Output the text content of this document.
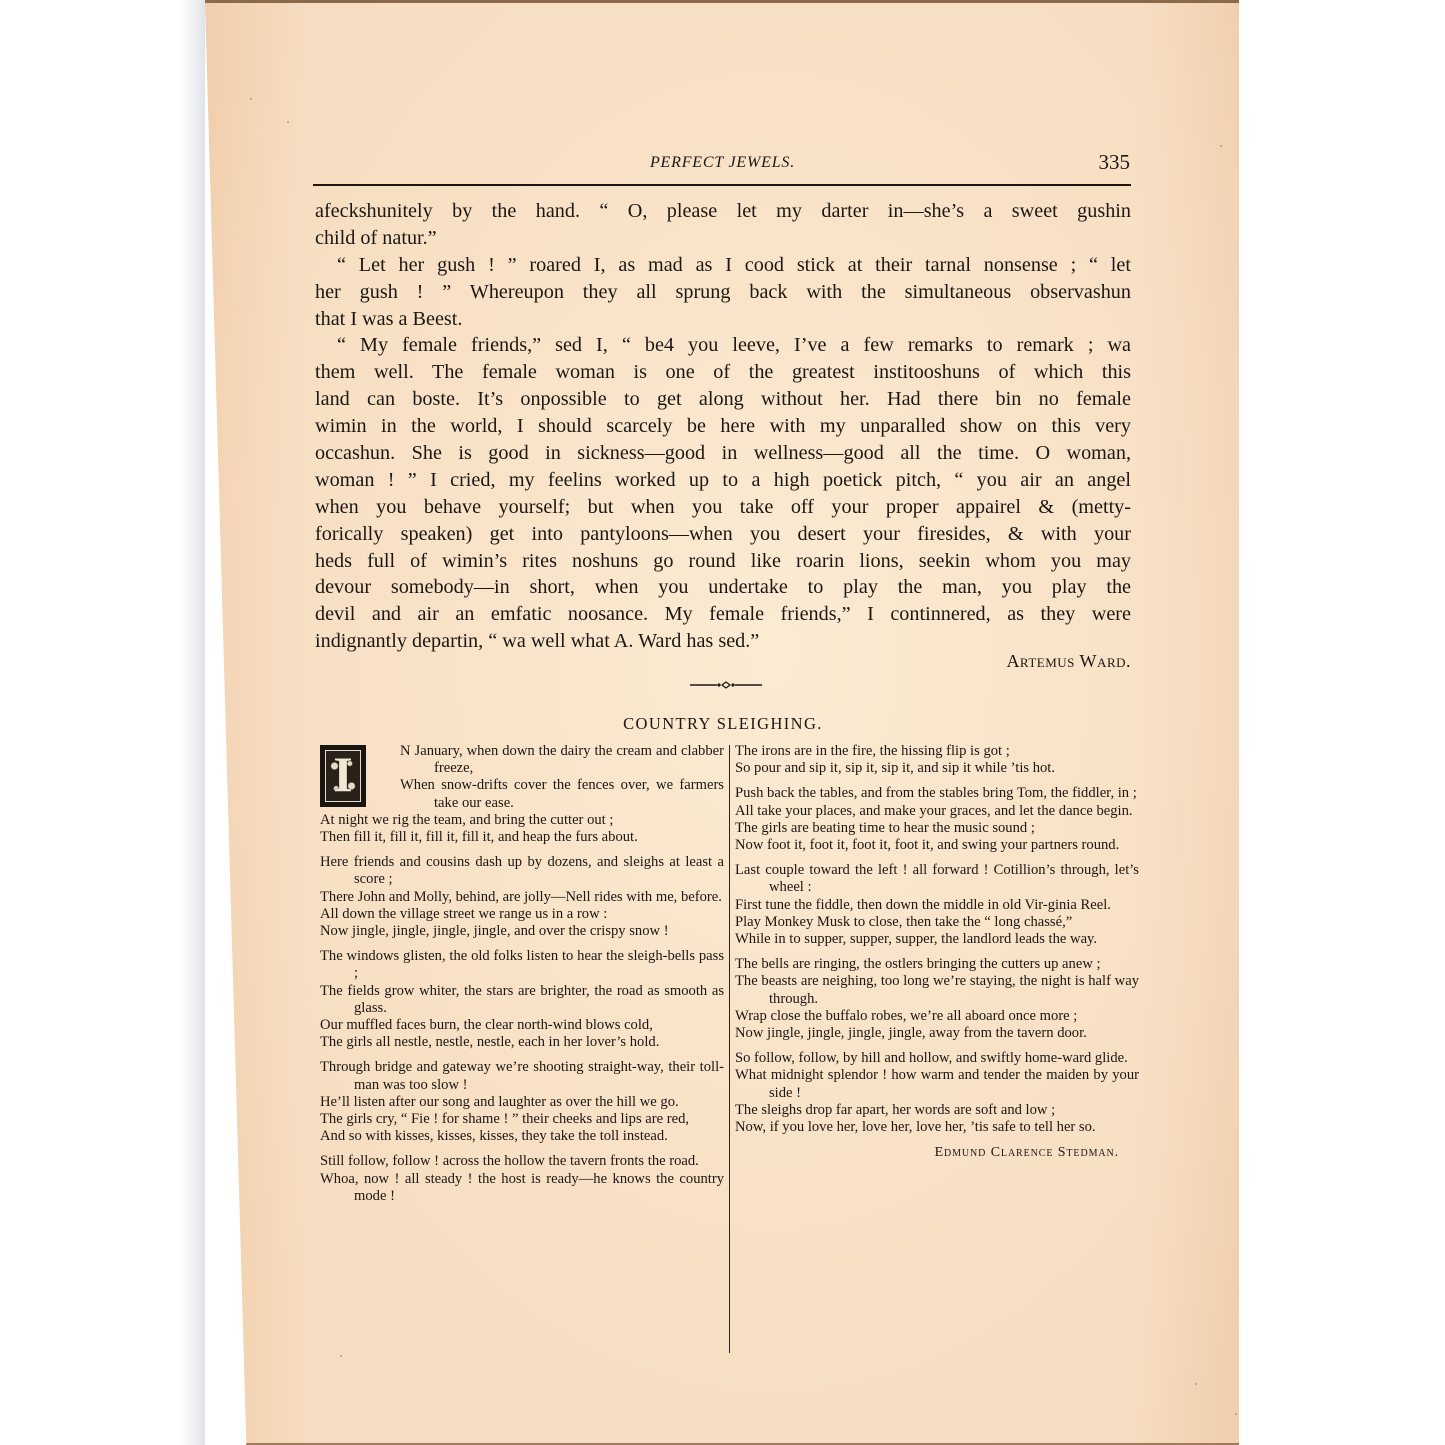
PERFECT JEWELS.	335
afeckshunitely by the hand. “ O, please let my darter in—she’s a sweet gushin
child of natur.”
“ Let her gush ! ” roared I, as mad as I cood stick at their tarnal nonsense ; “ let
her gush ! ” Whereupon they all sprung back with the simultaneous observashun
that I was a Beest.
“ My female friends,” sed I, “ be4 you leeve, I’ve a few remarks to remark ; wa
them well. The female woman is one of the greatest institooshuns of which this
land can boste. It’s onpossible to get along without her. Had there bin no female
wimin in the world, I should scarcely be here with my unparalled show on this very
occashun. She is good in sickness—good in wellness—good all the time. O woman,
woman ! ” I cried, my feelins worked up to a high poetick pitch, “ you air an angel
when you behave yourself; but when you take off your proper appairel & (metty-
forically speaken) get into pantyloons—when you desert your firesides, & with your
heds full of wimin’s rites noshuns go round like roarin lions, seekin whom you may
devour somebody—in short, when you undertake to play the man, you play the
devil and air an emfatic noosance. My female friends,” I continnered, as they were
indignantly departin, “ wa well what A. Ward has sed.”
Artemus Ward.
COUNTRY SLEIGHING.
I	N January, when down the dairy the cream and clabber freeze,
When snow-drifts cover the fences over, we farmers take our ease.
At night we rig the team, and bring the cutter out ;
Then fill it, fill it, fill it, fill it, and heap the furs about.
Here friends and cousins dash up by dozens, and sleighs at least a score ;
There John and Molly, behind, are jolly—Nell rides with me, before.
All down the village street we range us in a row :
Now jingle, jingle, jingle, jingle, and over the crispy snow !
The windows glisten, the old folks listen to hear the sleigh-bells pass ;
The fields grow whiter, the stars are brighter, the road as smooth as glass.
Our muffled faces burn, the clear north-wind blows cold,
The girls all nestle, nestle, nestle, each in her lover’s hold.
Through bridge and gateway we’re shooting straight-way, their toll-man was too slow !
He’ll listen after our song and laughter as over the hill we go.
The girls cry, “ Fie ! for shame ! ” their cheeks and lips are red,
And so with kisses, kisses, kisses, they take the toll instead.
Still follow, follow ! across the hollow the tavern fronts the road.
Whoa, now ! all steady ! the host is ready—he knows the country mode !
The irons are in the fire, the hissing flip is got ;
So pour and sip it, sip it, sip it, and sip it while ’tis hot.
Push back the tables, and from the stables bring Tom, the fiddler, in ;
All take your places, and make your graces, and let the dance begin.
The girls are beating time to hear the music sound ;
Now foot it, foot it, foot it, foot it, and swing your partners round.
Last couple toward the left ! all forward ! Cotillion’s through, let’s wheel :
First tune the fiddle, then down the middle in old Vir-ginia Reel.
Play Monkey Musk to close, then take the “ long chassé,”
While in to supper, supper, supper, the landlord leads the way.
The bells are ringing, the ostlers bringing the cutters up anew ;
The beasts are neighing, too long we’re staying, the night is half way through.
Wrap close the buffalo robes, we’re all aboard once more ;
Now jingle, jingle, jingle, jingle, away from the tavern door.
So follow, follow, by hill and hollow, and swiftly home-ward glide.
What midnight splendor ! how warm and tender the maiden by your side !
The sleighs drop far apart, her words are soft and low ;
Now, if you love her, love her, love her, ’tis safe to tell her so.
Edmund Clarence Stedman.
